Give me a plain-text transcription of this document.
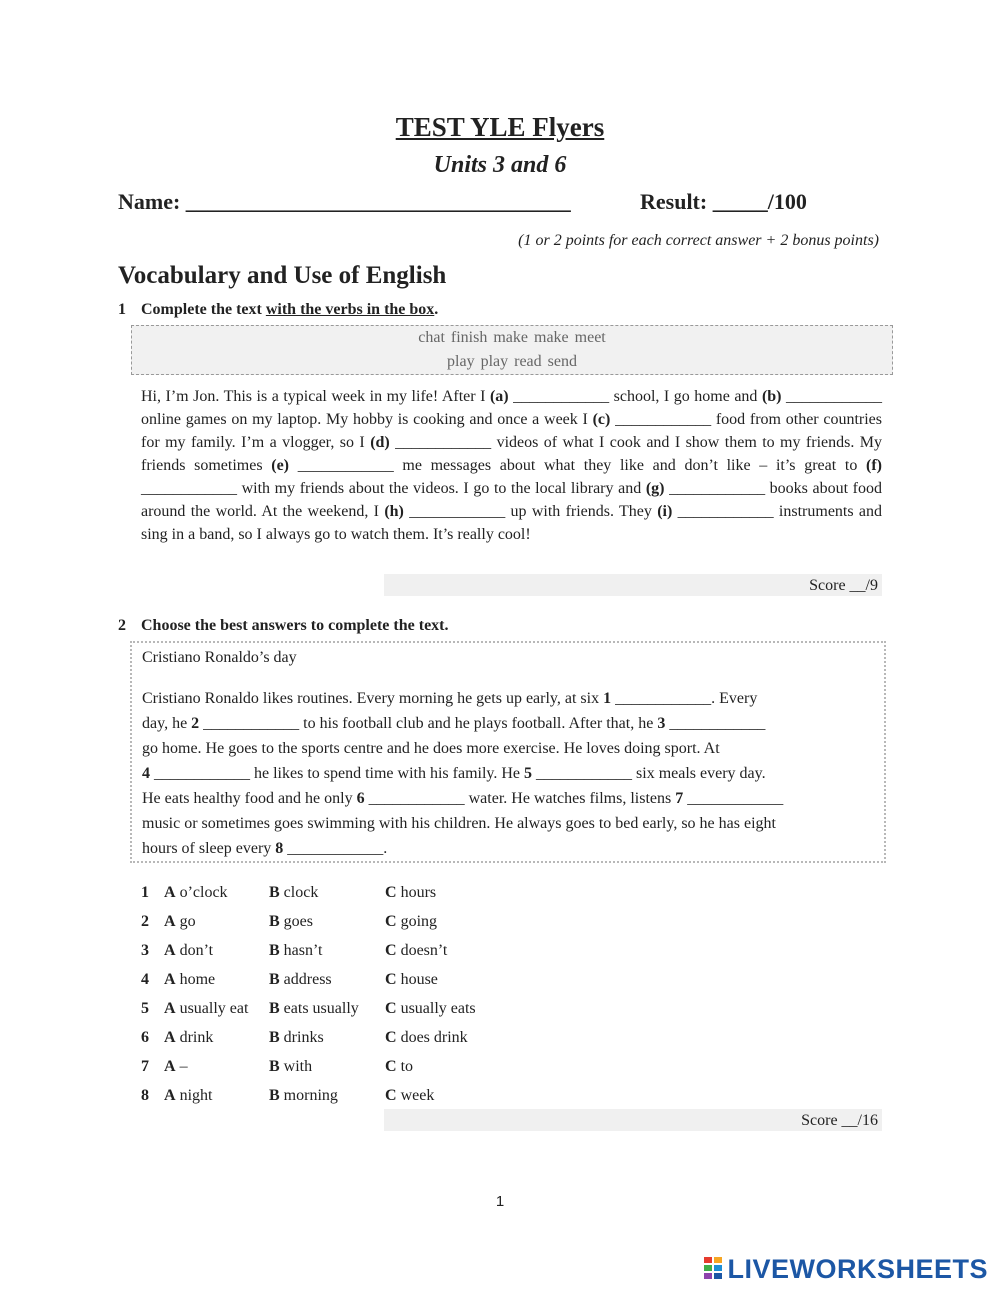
TEST YLE Flyers
Units 3 and 6
Name: ___________________________________	Result: _____/100
(1 or 2 points for each correct answer + 2 bonus points)
Vocabulary and Use of English
1 Complete the text with the verbs in the box.
chat finish make make meet
play play read send
Hi, I’m Jon. This is a typical week in my life! After I (a) ____________ school, I go home and (b) ____________ online games on my laptop. My hobby is cooking and once a week I (c) ____________ food from other countries for my family. I’m a vlogger, so I (d) ____________ videos of what I cook and I show them to my friends. My friends sometimes (e) ____________ me messages about what they like and don’t like – it’s great to (f) ____________ with my friends about the videos. I go to the local library and (g) ____________ books about food around the world. At the weekend, I (h) ____________ up with friends. They (i) ____________ instruments and sing in a band, so I always go to watch them. It’s really cool!
Score __/9
2 Choose the best answers to complete the text.
Cristiano Ronaldo’s day
Cristiano Ronaldo likes routines. Every morning he gets up early, at six 1 ____________. Every
day, he 2 ____________ to his football club and he plays football. After that, he 3 ____________
go home. He goes to the sports centre and he does more exercise. He loves doing sport. At
4 ____________ he likes to spend time with his family. He 5 ____________ six meals every day.
He eats healthy food and he only 6 ____________ water. He watches films, listens 7 ____________
music or sometimes goes swimming with his children. He always goes to bed early, so he has eight
hours of sleep every 8 ____________.
1 A o’clock	B clock	C hours
2 A go	B goes	C going
3 A don’t	B hasn’t	C doesn’t
4 A home	B address	C house
5 A usually eat B eats usually C usually eats
6 A drink	B drinks	C does drink
7 A –	B with	C to
8 A night	B morning	C week
Score __/16
1
LIVEWORKSHEETS
